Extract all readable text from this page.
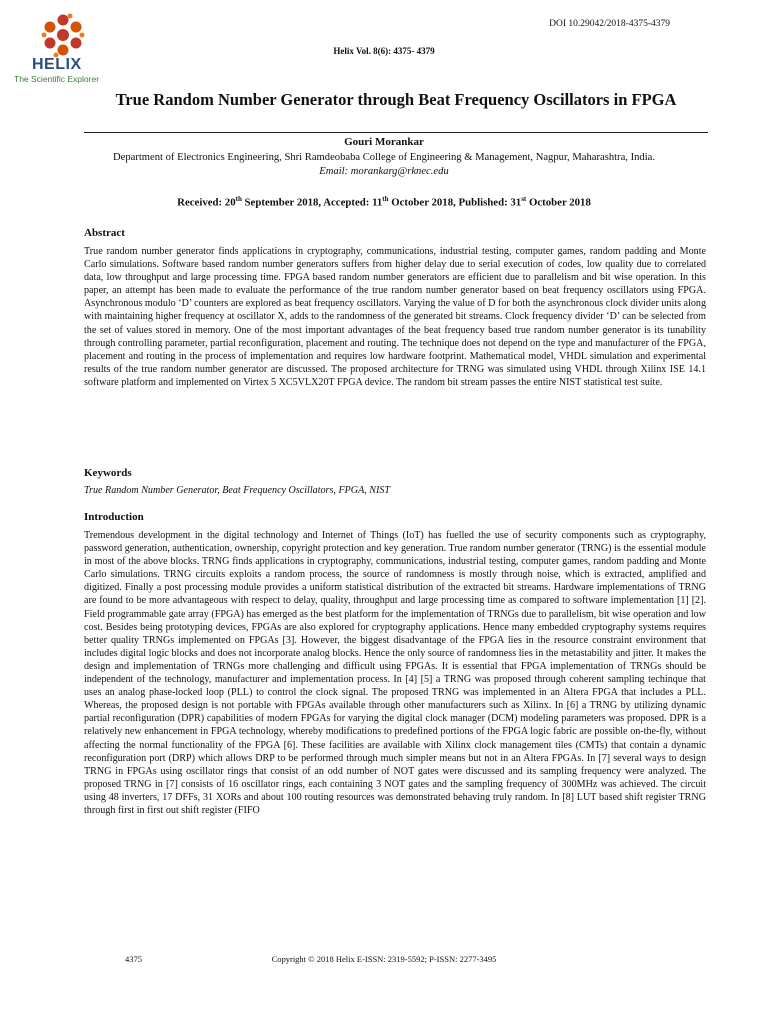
HELIX
The Scientific Explorer
DOI 10.29042/2018-4375-4379
Helix Vol. 8(6): 4375- 4379
True Random Number Generator through Beat Frequency Oscillators in FPGA
Gouri Morankar
Department of Electronics Engineering, Shri Ramdeobaba College of Engineering & Management, Nagpur, Maharashtra, India.
Email: morankarg@rknec.edu
Received: 20th September 2018, Accepted: 11th October 2018, Published: 31st October 2018
Abstract

True random number generator finds applications in cryptography, communications, industrial testing, computer games, random padding and Monte Carlo simulations. Software based random number generators suffers from higher delay due to serial execution of codes, low quality due to correlated data, low throughput and large processing time. FPGA based random number generators are efficient due to parallelism and bit wise operation. In this paper, an attempt has been made to evaluate the performance of the true random number generator based on beat frequency oscillators using FPGA. Asynchronous modulo ‘D’ counters are explored as beat frequency oscillators. Varying the value of D for both the asynchronous clock divider units along with maintaining higher frequency at oscillator X, adds to the randomness of the generated bit streams. Clock frequency divider ‘D’ can be selected from the set of values stored in memory. One of the most important advantages of the beat frequency based true random number generator is its tunability through controlling parameter, partial reconfiguration, placement and routing. The technique does not depend on the type and manufacturer of the FPGA, placement and routing in the process of implementation and requires low hardware footprint. Mathematical model, VHDL simulation and experimental results of the true random number generator are discussed. The proposed architecture for TRNG was simulated using VHDL through Xilinx ISE 14.1 software platform and implemented on Virtex 5 XC5VLX20T FPGA device. The random bit stream passes the entire NIST statistical test suite.

Keywords
True Random Number Generator, Beat Frequency Oscillators, FPGA, NIST
Introduction

Tremendous development in the digital technology and Internet of Things (IoT) has fuelled the use of security components such as cryptography, password generation, authentication, ownership, copyright protection and key generation. True random number generator (TRNG) is the essential module in most of the above blocks. TRNG finds applications in cryptography, communications, industrial testing, computer games, random padding and Monte Carlo simulations. TRNG circuits exploits a random process, the source of randomness is mostly through noise, which is extracted, amplified and digitized. Finally a post processing module provides a uniform statistical distribution of the extracted bit streams. Hardware implementations of TRNG are found to be more advantageous with respect to delay, quality, throughput and large processing time as compared to software implementation [1] [2]. Field programmable gate array (FPGA) has emerged as the best platform for the implementation of TRNGs due to parallelism, bit wise operation and low cost. Besides being prototyping devices, FPGAs are also explored for cryptography applications. Hence many embedded cryptography systems requires better quality TRNGs implemented on FPGAs [3]. However, the biggest disadvantage of the FPGA lies in the resource constraint environment that includes digital logic blocks and does not incorporate analog blocks. Hence the only source of randomness lies in the metastability and jitter. It makes the design and implementation of TRNGs more challenging and difficult using FPGAs. It is essential that FPGA implementation of TRNGs should be independent of the technology, manufacturer and implementation process. In [4] [5] a TRNG was proposed through coherent sampling techinque that uses an analog phase-locked loop (PLL) to control the clock signal. The proposed TRNG was implemented in an Altera FPGA that includes a PLL. Whereas, the proposed design is not portable with FPGAs available through other manufacturers such as Xilinx. In [6] a TRNG by utilizing dynamic partial reconfiguration (DPR) capabilities of modern FPGAs for varying the digital clock manager (DCM) modeling parameters was proposed. DPR is a relatively new enhancement in FPGA technology, whereby modifications to predefined portions of the FPGA logic fabric are possible on-the-fly, without affecting the normal functionality of the FPGA [6]. These facilities are available with Xilinx clock management tiles (CMTs) that contain a dynamic reconfiguration port (DRP) which allows DRP to be performed through much simpler means but not in an Altera FPGAs. In [7] several ways to design TRNG in FPGAs using oscillator rings that consist of an odd number of NOT gates were discussed and its sampling frequency were analyzed. The proposed TRNG in [7] consists of 16 oscillator rings, each containing 3 NOT gates and the sampling frequency of 300MHz was achieved. The circuit using 48 inverters, 17 DFFs, 31 XORs and about 100 routing resources was demonstrated behaving truly random. In [8] LUT based shift register TRNG through first in first out shift register (FIFO

4375	Copyright © 2018 Helix E-ISSN: 2319-5592; P-ISSN: 2277-3495
